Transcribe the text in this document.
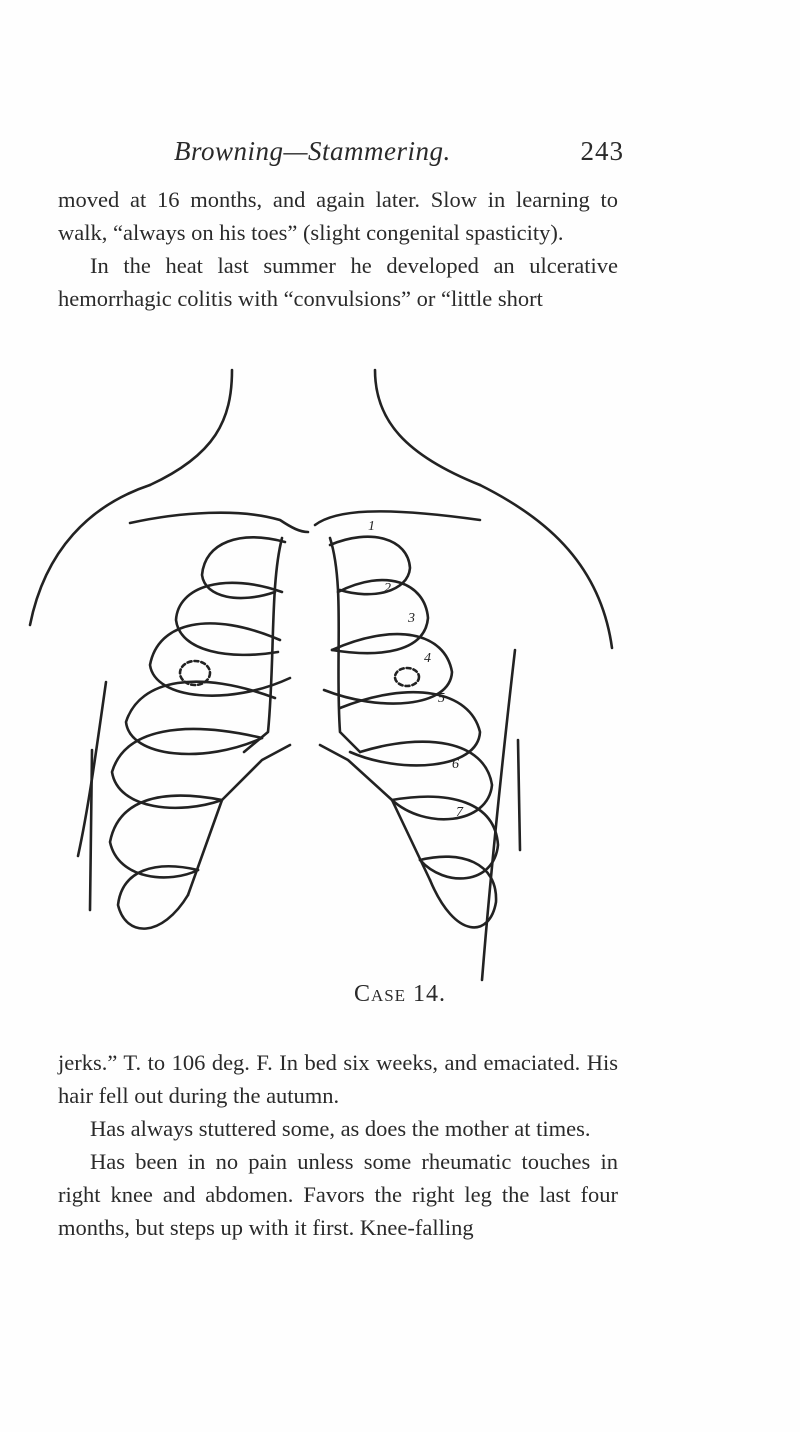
Browning—Stammering.	243

moved at 16 months, and again later. Slow in learning to walk, “always on his toes” (slight congenital spasticity).

In the heat last summer he developed an ulcerative hemorrhagic colitis with “convulsions” or “little short

1
2
3
4
5
6
7
Case 14.

jerks.” T. to 106 deg. F. In bed six weeks, and emaciated. His hair fell out during the autumn.

Has always stuttered some, as does the mother at times.

Has been in no pain unless some rheumatic touches in right knee and abdomen. Favors the right leg the last four months, but steps up with it first. Knee-falling
